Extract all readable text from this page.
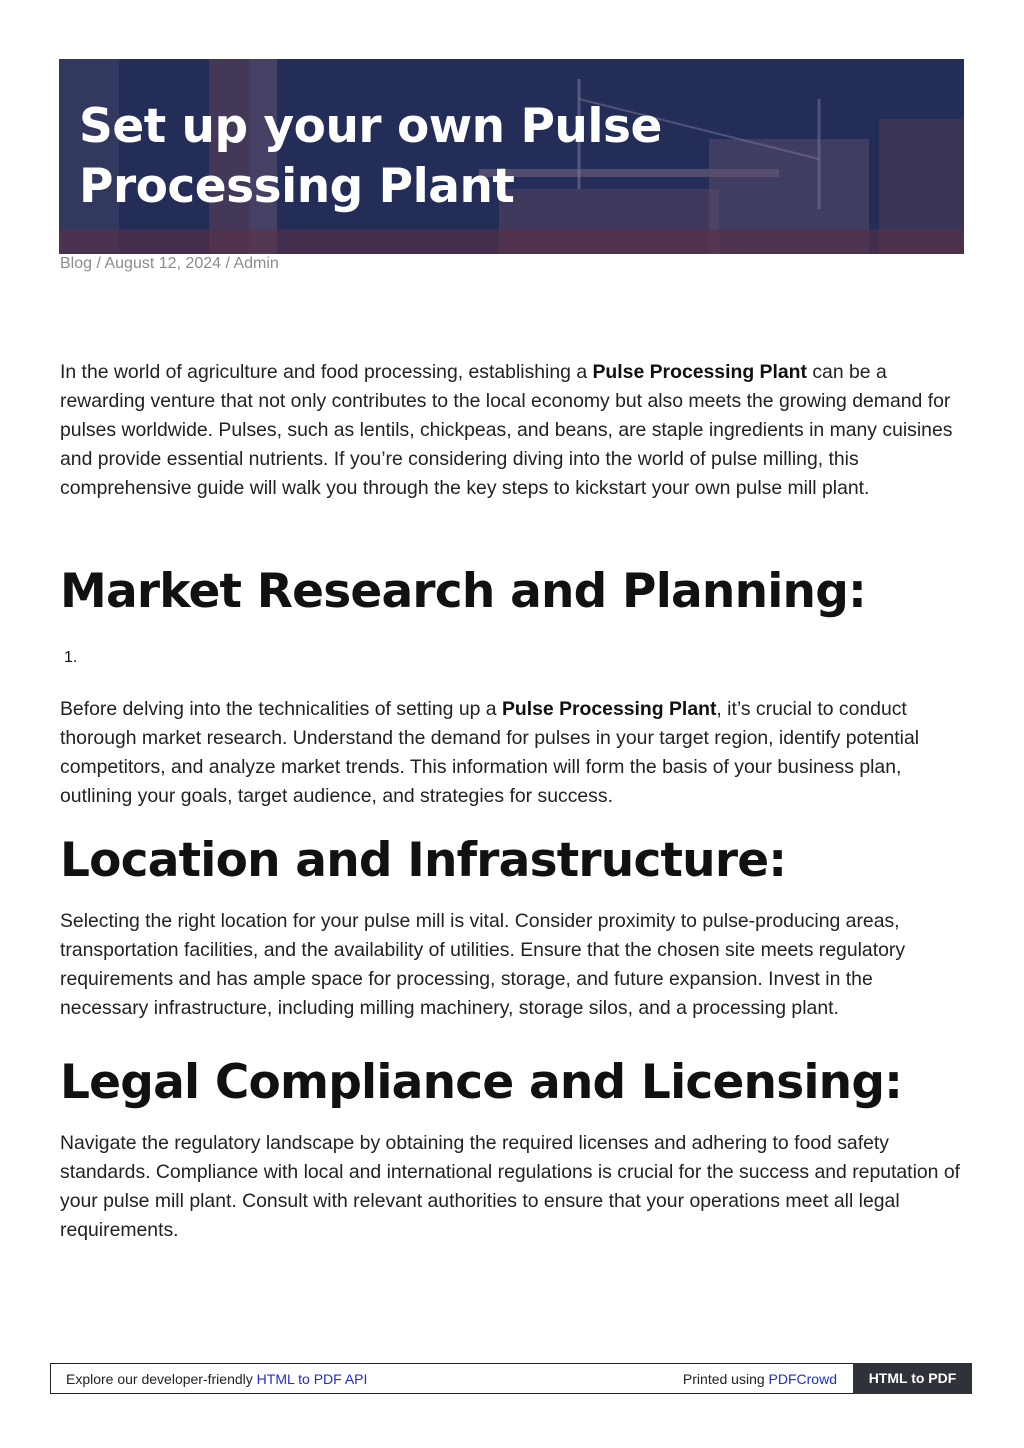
Set up your own Pulse Processing Plant
Blog / August 12, 2024 / Admin

In the world of agriculture and food processing, establishing a Pulse Processing Plant can be a rewarding venture that not only contributes to the local economy but also meets the growing demand for pulses worldwide. Pulses, such as lentils, chickpeas, and beans, are staple ingredients in many cuisines and provide essential nutrients. If you’re considering diving into the world of pulse milling, this comprehensive guide will walk you through the key steps to kickstart your own pulse mill plant.

Market Research and Planning:
1.

Before delving into the technicalities of setting up a Pulse Processing Plant, it’s crucial to conduct thorough market research. Understand the demand for pulses in your target region, identify potential competitors, and analyze market trends. This information will form the basis of your business plan, outlining your goals, target audience, and strategies for success.

Location and Infrastructure:

Selecting the right location for your pulse mill is vital. Consider proximity to pulse-producing areas, transportation facilities, and the availability of utilities. Ensure that the chosen site meets regulatory requirements and has ample space for processing, storage, and future expansion. Invest in the necessary infrastructure, including milling machinery, storage silos, and a processing plant.

Legal Compliance and Licensing:

Navigate the regulatory landscape by obtaining the required licenses and adhering to food safety standards. Compliance with local and international regulations is crucial for the success and reputation of your pulse mill plant. Consult with relevant authorities to ensure that your operations meet all legal requirements.

Explore our developer-friendly HTML to PDF API	Printed using PDFCrowd	HTML to PDF
